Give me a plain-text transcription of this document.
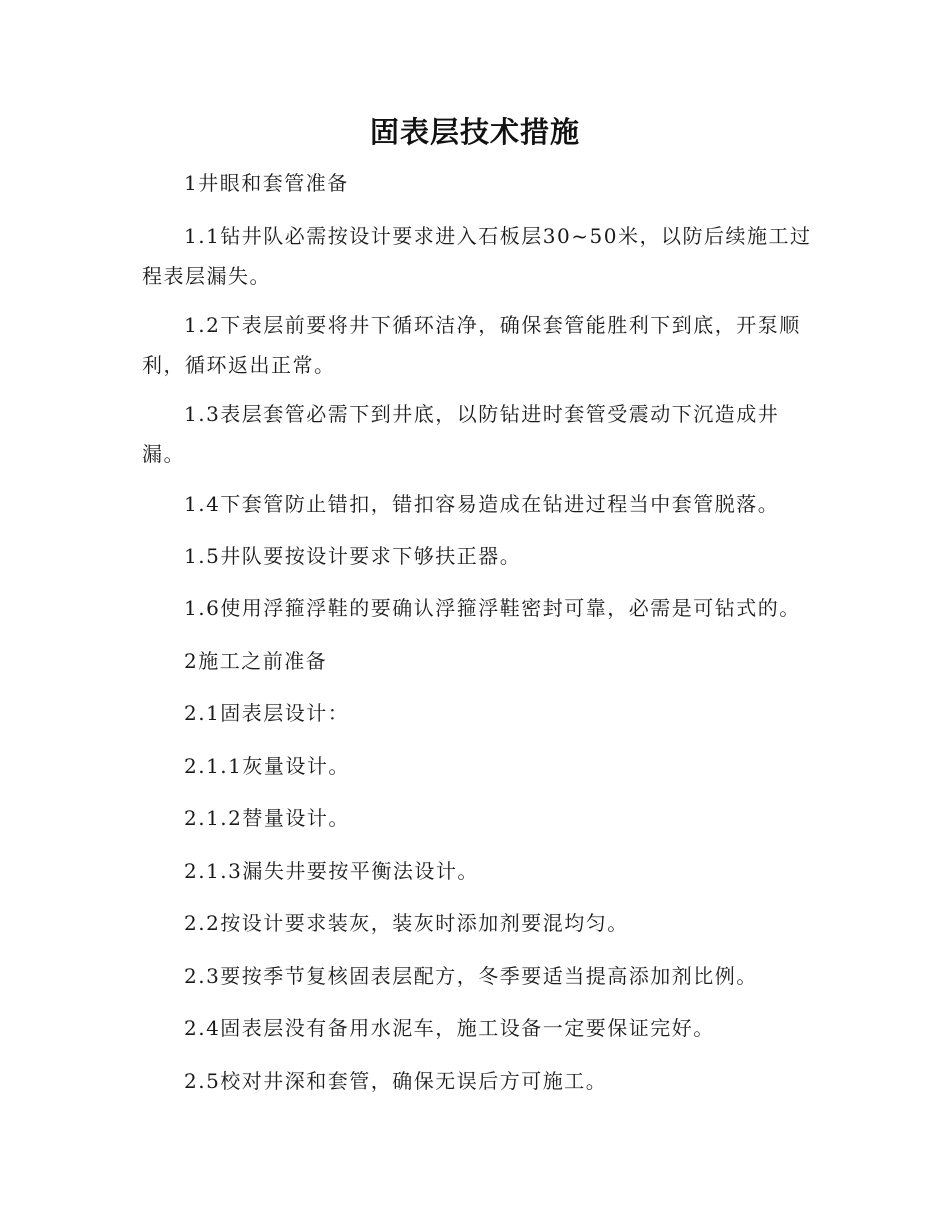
固表层技术措施

1井眼和套管准备

1.1钻井队必需按设计要求进入石板层30~50米，以防后续施工过程表层漏失。

1.2下表层前要将井下循环洁净，确保套管能胜利下到底，开泵顺利，循环返出正常。

1.3表层套管必需下到井底，以防钻进时套管受震动下沉造成井漏。

1.4下套管防止错扣，错扣容易造成在钻进过程当中套管脱落。

1.5井队要按设计要求下够扶正器。

1.6使用浮箍浮鞋的要确认浮箍浮鞋密封可靠，必需是可钻式的。

2施工之前准备

2.1固表层设计：

2.1.1灰量设计。

2.1.2替量设计。

2.1.3漏失井要按平衡法设计。

2.2按设计要求装灰，装灰时添加剂要混均匀。

2.3要按季节复核固表层配方，冬季要适当提高添加剂比例。

2.4固表层没有备用水泥车，施工设备一定要保证完好。

2.5校对井深和套管，确保无误后方可施工。
